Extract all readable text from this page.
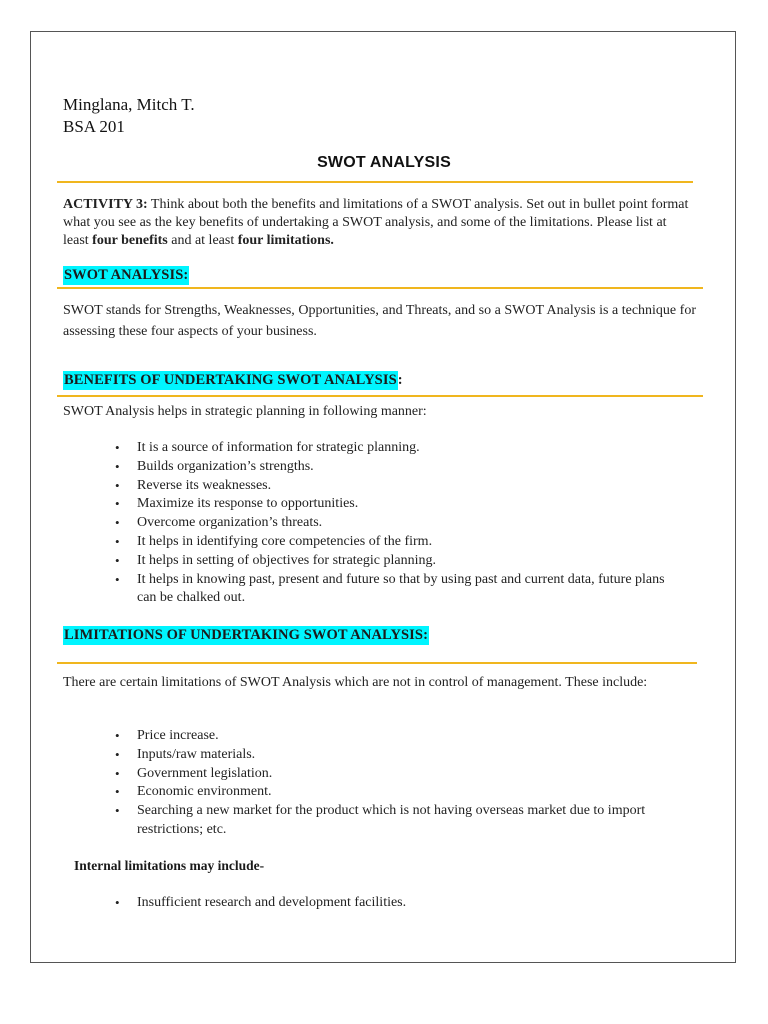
Minglana, Mitch T.
BSA 201
SWOT ANALYSIS
ACTIVITY 3: Think about both the benefits and limitations of a SWOT analysis. Set out in bullet point format what you see as the key benefits of undertaking a SWOT analysis, and some of the limitations. Please list at least four benefits and at least four limitations.
SWOT ANALYSIS:
SWOT stands for Strengths, Weaknesses, Opportunities, and Threats, and so a SWOT Analysis is a technique for assessing these four aspects of your business.
BENEFITS OF UNDERTAKING SWOT ANALYSIS:
SWOT Analysis helps in strategic planning in following manner:
• It is a source of information for strategic planning.
• Builds organization’s strengths.
• Reverse its weaknesses.
• Maximize its response to opportunities.
• Overcome organization’s threats.
• It helps in identifying core competencies of the firm.
• It helps in setting of objectives for strategic planning.
• It helps in knowing past, present and future so that by using past and current data, future plans can be chalked out.
LIMITATIONS OF UNDERTAKING SWOT ANALYSIS:
There are certain limitations of SWOT Analysis which are not in control of management. These include:
• Price increase.
• Inputs/raw materials.
• Government legislation.
• Economic environment.
• Searching a new market for the product which is not having overseas market due to import restrictions; etc.
Internal limitations may include-
• Insufficient research and development facilities.
